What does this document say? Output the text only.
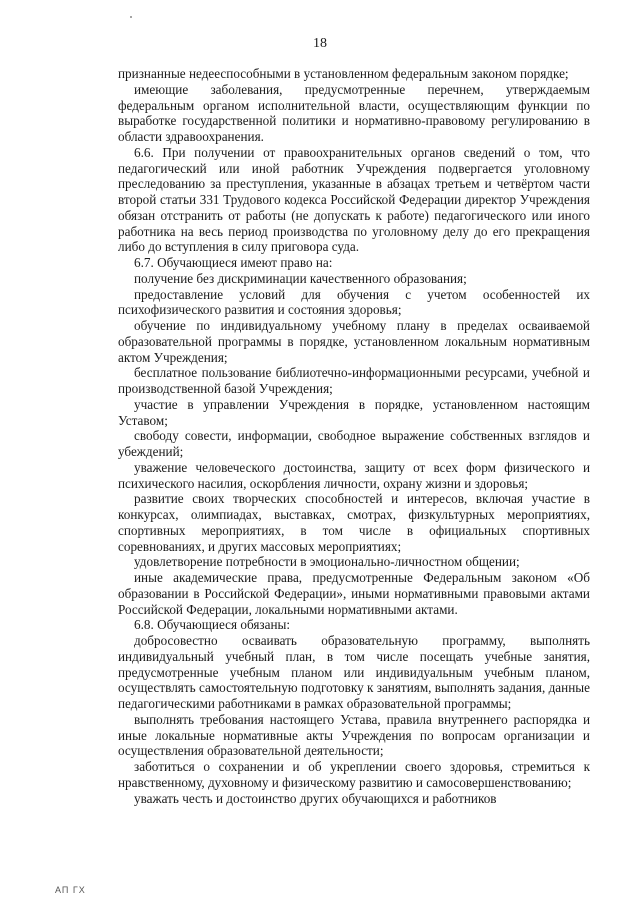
18

признанные недееспособными в установленном федеральным законом порядке;

имеющие заболевания, предусмотренные перечнем, утверждаемым федеральным органом исполнительной власти, осуществляющим функции по выработке государственной политики и нормативно-правовому регулированию в области здравоохранения.

6.6. При получении от правоохранительных органов сведений о том, что педагогический или иной работник Учреждения подвергается уголовному преследованию за преступления, указанные в абзацах третьем и четвёртом части второй статьи 331 Трудового кодекса Российской Федерации директор Учреждения обязан отстранить от работы (не допускать к работе) педагогического или иного работника на весь период производства по уголовному делу до его прекращения либо до вступления в силу приговора суда.

6.7. Обучающиеся имеют право на:

получение без дискриминации качественного образования;

предоставление условий для обучения с учетом особенностей их психофизического развития и состояния здоровья;

обучение по индивидуальному учебному плану в пределах осваиваемой образовательной программы в порядке, установленном локальным нормативным актом Учреждения;

бесплатное пользование библиотечно-информационными ресурсами, учебной и производственной базой Учреждения;

участие в управлении Учреждения в порядке, установленном настоящим Уставом;

свободу совести, информации, свободное выражение собственных взглядов и убеждений;

уважение человеческого достоинства, защиту от всех форм физического и психического насилия, оскорбления личности, охрану жизни и здоровья;

развитие своих творческих способностей и интересов, включая участие в конкурсах, олимпиадах, выставках, смотрах, физкультурных мероприятиях, спортивных мероприятиях, в том числе в официальных спортивных соревнованиях, и других массовых мероприятиях;

удовлетворение потребности в эмоционально-личностном общении;

иные академические права, предусмотренные Федеральным законом «Об образовании в Российской Федерации», иными нормативными правовыми актами Российской Федерации, локальными нормативными актами.

6.8. Обучающиеся обязаны:

добросовестно осваивать образовательную программу, выполнять индивидуальный учебный план, в том числе посещать учебные занятия, предусмотренные учебным планом или индивидуальным учебным планом, осуществлять самостоятельную подготовку к занятиям, выполнять задания, данные педагогическими работниками в рамках образовательной программы;

выполнять требования настоящего Устава, правила внутреннего распорядка и иные локальные нормативные акты Учреждения по вопросам организации и осуществления образовательной деятельности;

заботиться о сохранении и об укреплении своего здоровья, стремиться к нравственному, духовному и физическому развитию и самосовершенствованию;

уважать честь и достоинство других обучающихся и работников

АП ГХ
